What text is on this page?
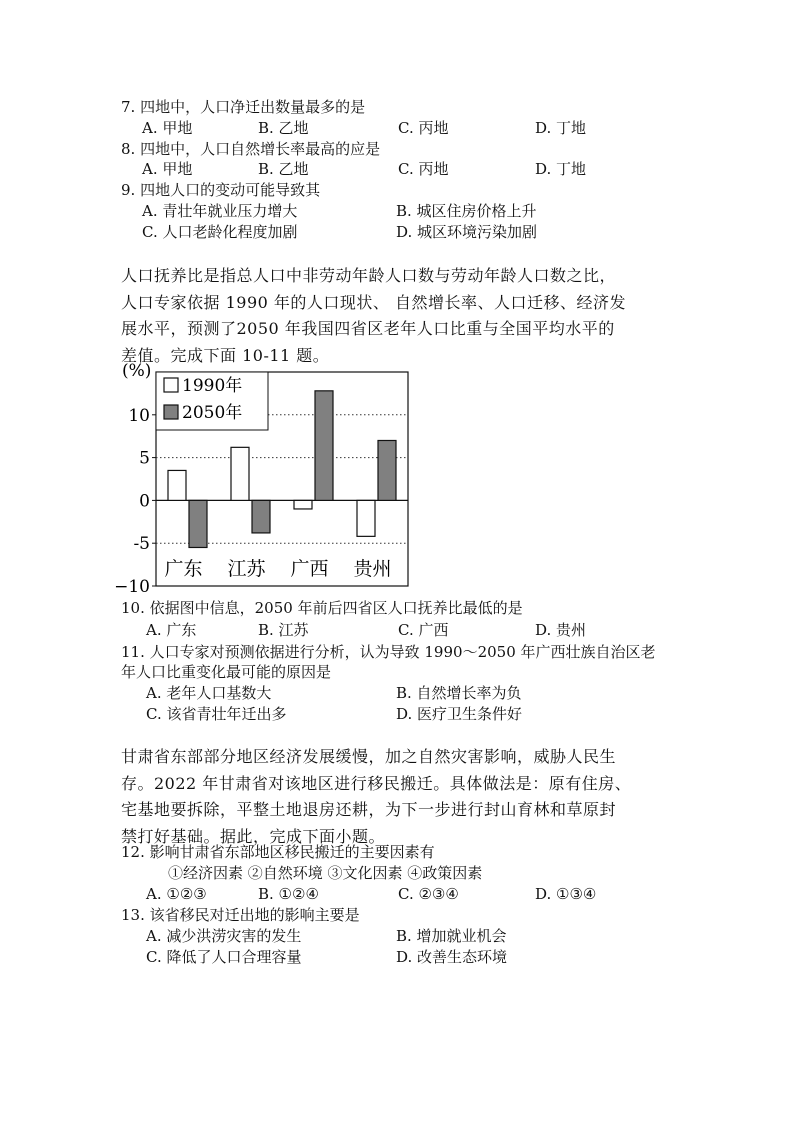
7. 四地中，人口净迁出数量最多的是
A. 甲地	B. 乙地	C. 丙地	D. 丁地
8. 四地中，人口自然增长率最高的应是
A. 甲地	B. 乙地	C. 丙地	D. 丁地
9. 四地人口的变动可能导致其
A. 青壮年就业压力增大	B. 城区住房价格上升
C. 人口老龄化程度加剧	D. 城区环境污染加剧

人口抚养比是指总人口中非劳动年龄人口数与劳动年龄人口数之比，

人口专家依据 1990 年的人口现状、 自然增长率、人口迁移、经济发

展水平，预测了2050 年我国四省区老年人口比重与全国平均水平的

差值。完成下面 10-11 题。

(%)
10
5
0
-5
−10
广东 江苏 广西 贵州
1990年
2050年
10. 依据图中信息，2050 年前后四省区人口抚养比最低的是
A. 广东	B. 江苏	C. 广西	D. 贵州
11. 人口专家对预测依据进行分析，认为导致 1990～2050 年广西壮族自治区老
年人口比重变化最可能的原因是
A. 老年人口基数大	B. 自然增长率为负
C. 该省青壮年迁出多	D. 医疗卫生条件好

甘肃省东部部分地区经济发展缓慢，加之自然灾害影响，威胁人民生

存。2022 年甘肃省对该地区进行移民搬迁。具体做法是：原有住房、

宅基地要拆除，平整土地退房还耕，为下一步进行封山育林和草原封

禁打好基础。据此，完成下面小题。

12. 影响甘肃省东部地区移民搬迁的主要因素有
①经济因素 ②自然环境 ③文化因素 ④政策因素
A. ①②③	B. ①②④	C. ②③④	D. ①③④
13. 该省移民对迁出地的影响主要是
A. 减少洪涝灾害的发生	B. 增加就业机会
C. 降低了人口合理容量	D. 改善生态环境
